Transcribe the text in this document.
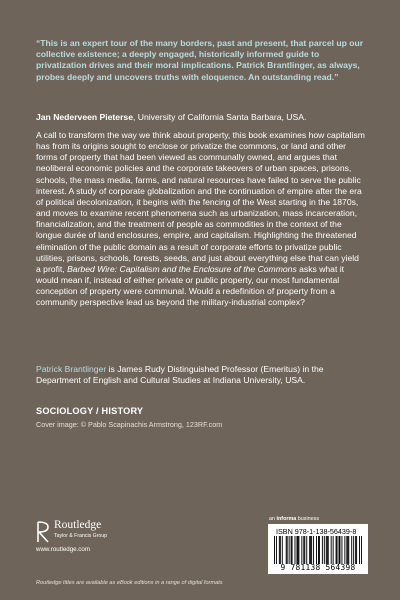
“This is an expert tour of the many borders, past and present, that parcel up our collective existence; a deeply engaged, historically informed guide to privatization drives and their moral implications. Patrick Brantlinger, as always, probes deeply and uncovers truths with eloquence. An outstanding read.”

Jan Nederveen Pieterse, University of California Santa Barbara, USA.

A call to transform the way we think about property, this book examines how capitalism has from its origins sought to enclose or privatize the commons, or land and other forms of property that had been viewed as communally owned, and argues that neoliberal economic policies and the corporate takeovers of urban spaces, prisons, schools, the mass media, farms, and natural resources have failed to serve the public interest. A study of corporate globalization and the continuation of empire after the era of political decolonization, it begins with the fencing of the West starting in the 1870s, and moves to examine recent phenomena such as urbanization, mass incarceration, financialization, and the treatment of people as commodities in the context of the longue durée of land enclosures, empire, and capitalism. Highlighting the threatened elimination of the public domain as a result of corporate efforts to privatize public utilities, prisons, schools, forests, seeds, and just about everything else that can yield a profit, Barbed Wire: Capitalism and the Enclosure of the Commons asks what it would mean if, instead of either private or public property, our most fundamental conception of property were communal. Would a redefinition of property from a community perspective lead us beyond the military-industrial complex?

Patrick Brantlinger is James Rudy Distinguished Professor (Emeritus) in the Department of English and Cultural Studies at Indiana University, USA.

SOCIOLOGY / HISTORY

Cover image: © Pablo Scapinachis Armstrong, 123RF.com

Routledge
Taylor & Francis Group
www.routledge.com
an informa business
ISBN 978-1-138-56439-8
9 781138 564398
Routledge titles are available as eBook editions in a range of digital formats
